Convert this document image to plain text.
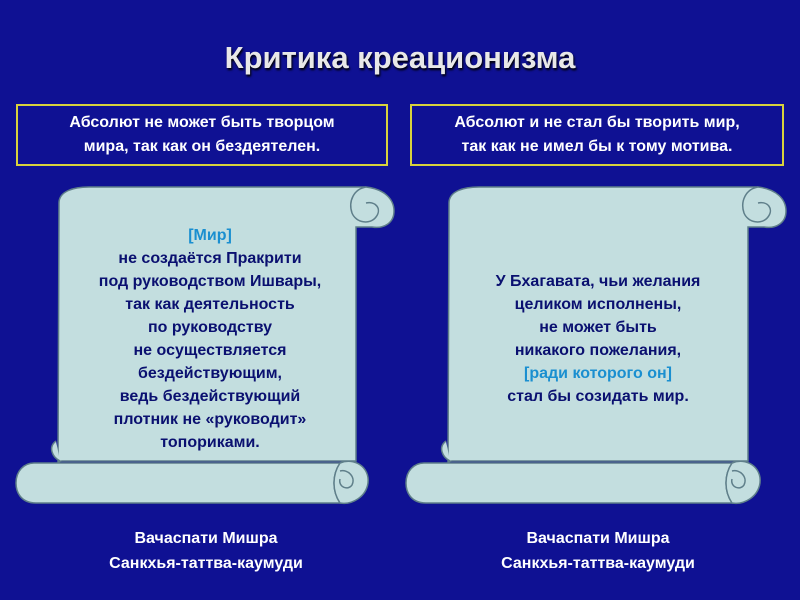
Критика креационизма
Абсолют не может быть творцом
мира, так как он бездеятелен.
Абсолют и не стал бы творить мир,
так как не имел бы к тому мотива.
[Мир]
не создаётся Пракрити
под руководством Ишвары,
так как деятельность
по руководству
не осуществляется
бездействующим,
ведь бездействующий
плотник не «руководит»
топориками.
У Бхагавата, чьи желания
целиком исполнены,
не может быть
никакого пожелания,
[ради которого он]
стал бы созидать мир.
Вачаспати Мишра
Санкхья-таттва-каумуди
Вачаспати Мишра
Санкхья-таттва-каумуди
